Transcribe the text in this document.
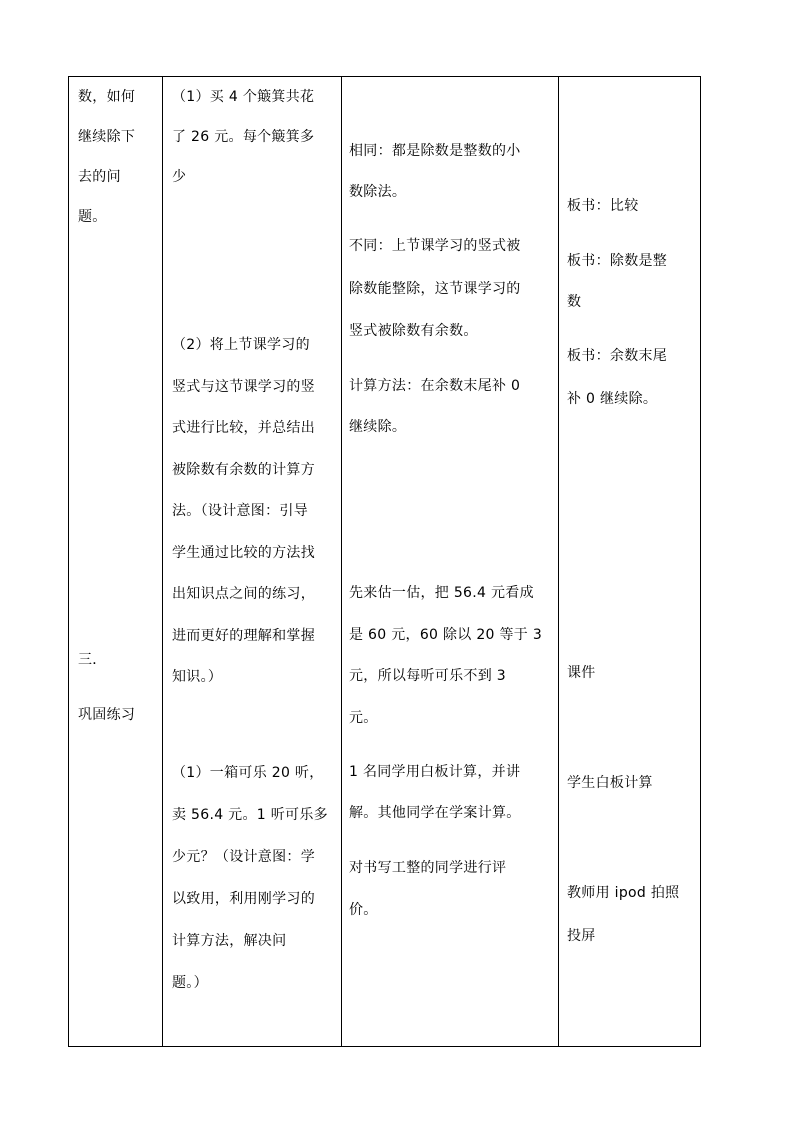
数，如何
继续除下
去的问
题。
三．
巩固练习

（1）买 4 个簸箕共花
了 26 元。每个簸箕多
少
（2）将上节课学习的
竖式与这节课学习的竖
式进行比较，并总结出
被除数有余数的计算方
法。（设计意图：引导
学生通过比较的方法找
出知识点之间的练习，
进而更好的理解和掌握
知识。）
（1）一箱可乐 20 听，
卖 56.4 元。1 听可乐多
少元？（设计意图：学
以致用，利用刚学习的
计算方法，解决问
题。）

相同：都是除数是整数的小
数除法。
不同：上节课学习的竖式被
除数能整除，这节课学习的
竖式被除数有余数。
计算方法：在余数末尾补 0
继续除。
先来估一估，把 56.4 元看成
是 60 元，60 除以 20 等于 3
元，所以每听可乐不到 3
元。
1 名同学用白板计算，并讲
解。其他同学在学案计算。
对书写工整的同学进行评
价。

板书：比较
板书：除数是整
数
板书：余数末尾
补 0 继续除。
课件
学生白板计算
教师用 ipod 拍照
投屏
